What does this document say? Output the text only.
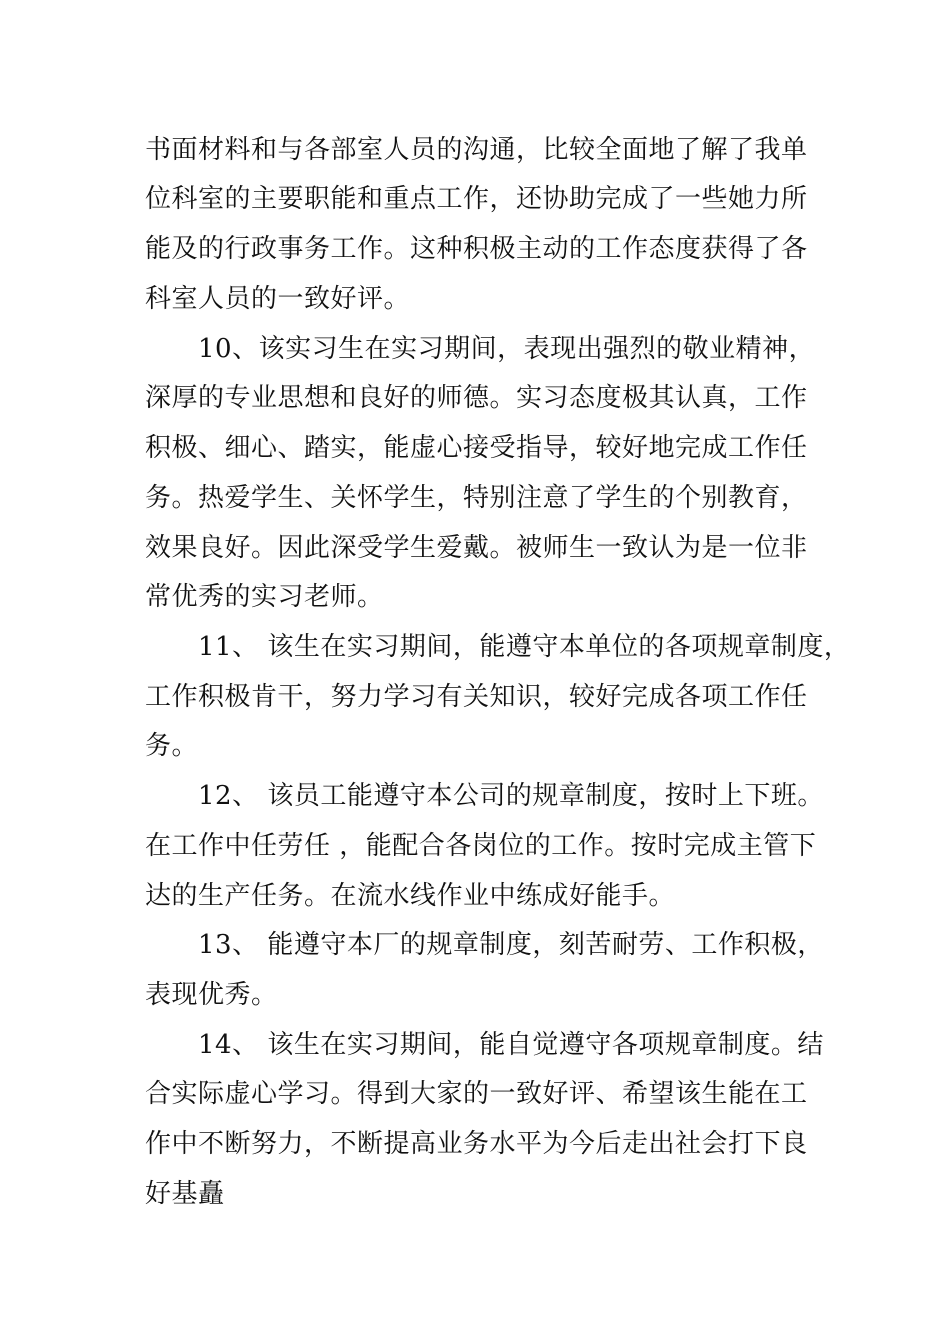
书面材料和与各部室人员的沟通，比较全面地了解了我单
位科室的主要职能和重点工作，还协助完成了一些她力所
能及的行政事务工作。这种积极主动的工作态度获得了各
科室人员的一致好评。
10、该实习生在实习期间，表现出强烈的敬业精神，
深厚的专业思想和良好的师德。实习态度极其认真，工作
积极、细心、踏实，能虚心接受指导，较好地完成工作任
务。热爱学生、关怀学生，特别注意了学生的个别教育，
效果良好。因此深受学生爱戴。被师生一致认为是一位非
常优秀的实习老师。
11、 该生在实习期间，能遵守本单位的各项规章制度，
工作积极肯干，努力学习有关知识，较好完成各项工作任
务。
12、 该员工能遵守本公司的规章制度，按时上下班。
在工作中任劳任 ，能配合各岗位的工作。按时完成主管下
达的生产任务。在流水线作业中练成好能手。
13、 能遵守本厂的规章制度，刻苦耐劳、工作积极，
表现优秀。
14、 该生在实习期间，能自觉遵守各项规章制度。结
合实际虚心学习。得到大家的一致好评、希望该生能在工
作中不断努力，不断提高业务水平为今后走出社会打下良
好基矗
